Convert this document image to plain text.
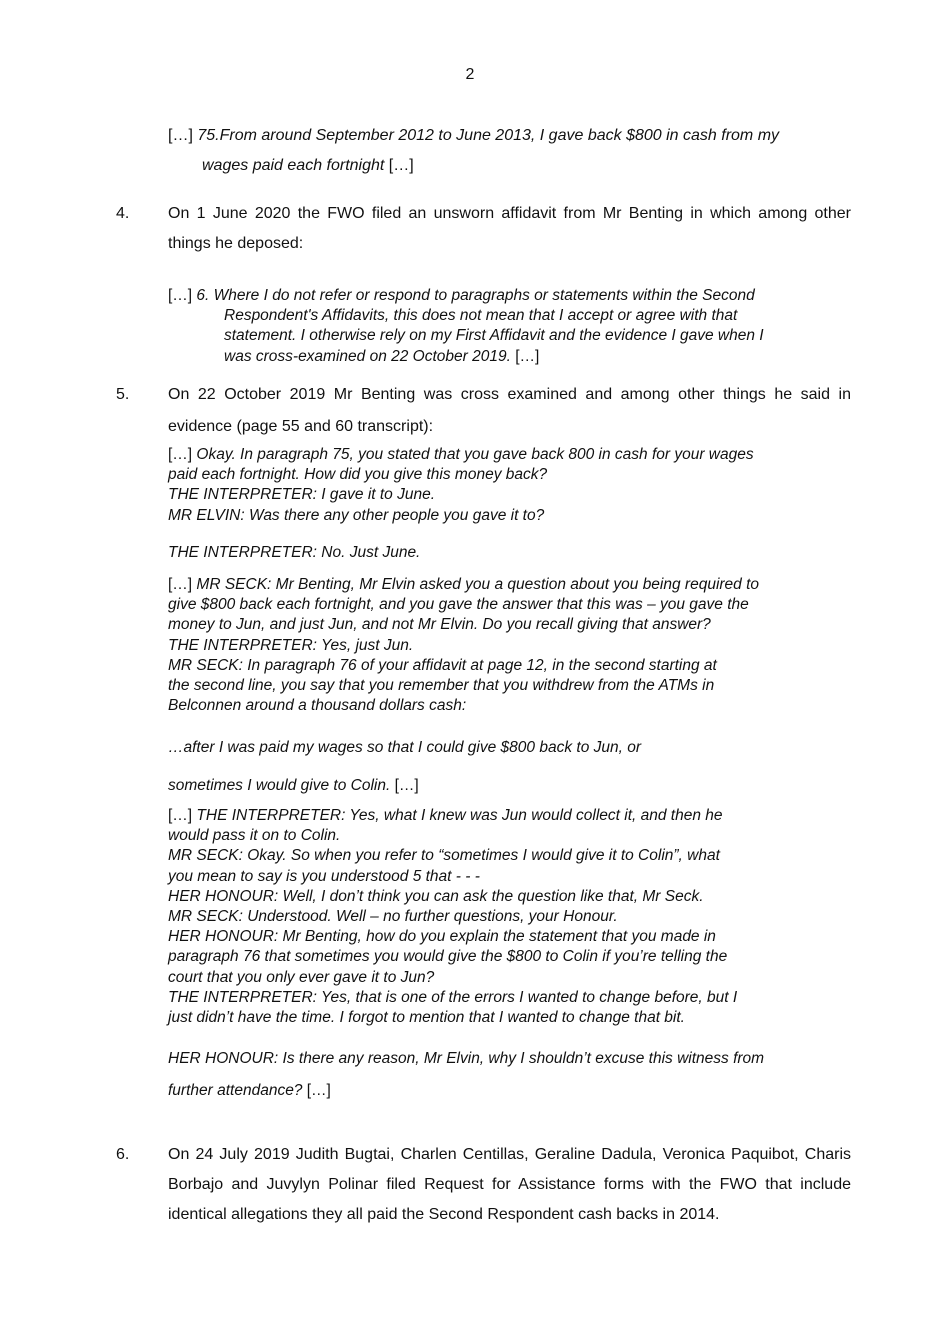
2
[…] 75.From around September 2012 to June 2013, I gave back $800 in cash from my
wages paid each fortnight […]
4. On 1 June 2020 the FWO filed an unsworn affidavit from Mr Benting in which among other things he deposed:

[…] 6. Where I do not refer or respond to paragraphs or statements within the Second
Respondent's Affidavits, this does not mean that I accept or agree with that
statement. I otherwise rely on my First Affidavit and the evidence I gave when I
was cross-examined on 22 October 2019. […]
5. On 22 October 2019 Mr Benting was cross examined and among other things he said in evidence (page 55 and 60 transcript):

[…] Okay. In paragraph 75, you stated that you gave back 800 in cash for your wages
paid each fortnight. How did you give this money back?
THE INTERPRETER: I gave it to June.
MR ELVIN: Was there any other people you gave it to?
THE INTERPRETER: No. Just June.
[…] MR SECK: Mr Benting, Mr Elvin asked you a question about you being required to
give $800 back each fortnight, and you gave the answer that this was – you gave the
money to Jun, and just Jun, and not Mr Elvin. Do you recall giving that answer?
THE INTERPRETER: Yes, just Jun.
MR SECK: In paragraph 76 of your affidavit at page 12, in the second starting at
the second line, you say that you remember that you withdrew from the ATMs in
Belconnen around a thousand dollars cash:
…after I was paid my wages so that I could give $800 back to Jun, or
sometimes I would give to Colin. […]
[…] THE INTERPRETER: Yes, what I knew was Jun would collect it, and then he
would pass it on to Colin.
MR SECK: Okay. So when you refer to “sometimes I would give it to Colin”, what
you mean to say is you understood 5 that - - -
HER HONOUR: Well, I don’t think you can ask the question like that, Mr Seck.
MR SECK: Understood. Well – no further questions, your Honour.
HER HONOUR: Mr Benting, how do you explain the statement that you made in
paragraph 76 that sometimes you would give the $800 to Colin if you’re telling the
court that you only ever gave it to Jun?
THE INTERPRETER: Yes, that is one of the errors I wanted to change before, but I
just didn’t have the time. I forgot to mention that I wanted to change that bit.
HER HONOUR: Is there any reason, Mr Elvin, why I shouldn’t excuse this witness from
further attendance? […]
6. On 24 July 2019 Judith Bugtai, Charlen Centillas, Geraline Dadula, Veronica Paquibot, Charis Borbajo and Juvylyn Polinar filed Request for Assistance forms with the FWO that include identical allegations they all paid the Second Respondent cash backs in 2014.
